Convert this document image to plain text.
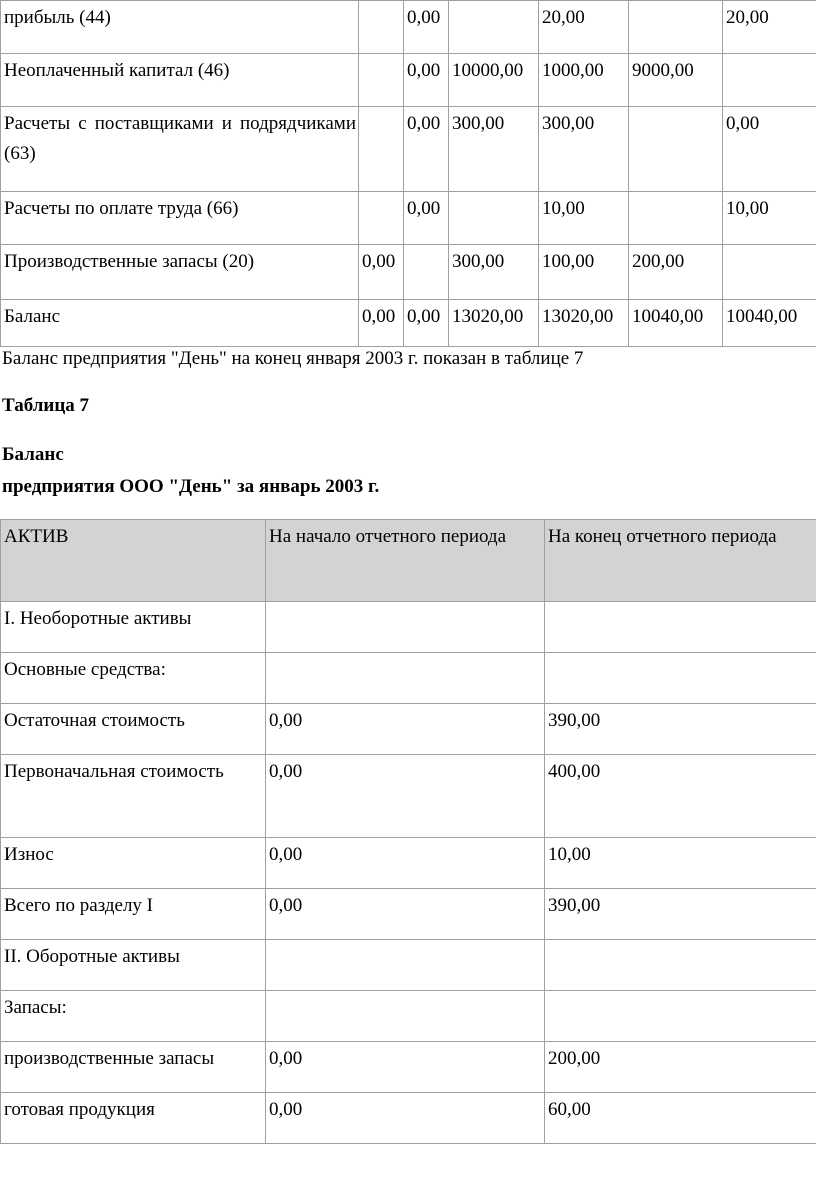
прибыль (44)		0,00		20,00		20,00
Неоплаченный капитал (46)		0,00	10000,00	1000,00	9000,00	
Расчеты с поставщиками и подрядчиками (63)		0,00	300,00	300,00		0,00
Расчеты по оплате труда (66)		0,00		10,00		10,00
Производственные запасы (20)	0,00		300,00	100,00	200,00	
Баланс	0,00	0,00	13020,00	13020,00	10040,00	10040,00

Баланс предприятия "День" на конец января 2003 г. показан в таблице 7

Таблица 7

Баланс

предприятия ООО "День" за январь 2003 г.

АКТИВ	На начало отчетного периода	На конец отчетного периода
I. Необоротные активы		
Основные средства:		
Остаточная стоимость	0,00	390,00
Первоначальная стоимость	0,00	400,00
Износ	0,00	10,00
Всего по разделу I	0,00	390,00
II. Оборотные активы		
Запасы:		
производственные запасы	0,00	200,00
готовая продукция	0,00	60,00
